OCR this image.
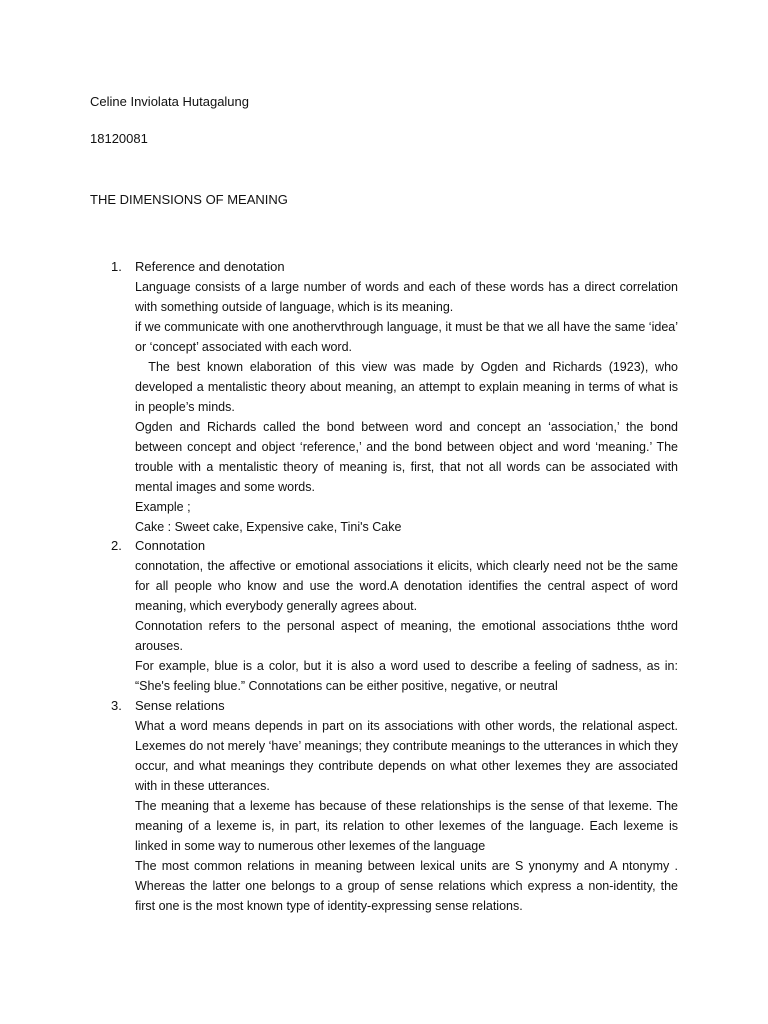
Celine Inviolata Hutagalung
18120081
THE DIMENSIONS OF MEANING
1.	Reference and denotation

Language consists of a large number of words and each of these words has a direct correlation with something outside of language, which is its meaning.

if we communicate with one anothervthrough language, it must be that we all have the same ‘idea’ or ‘concept’ associated with each word.

The best known elaboration of this view was made by Ogden and Richards (1923), who developed a mentalistic theory about meaning, an attempt to explain meaning in terms of what is in people’s minds.

Ogden and Richards called the bond between word and concept an ‘association,’ the bond between concept and object ‘reference,’ and the bond between object and word ‘meaning.’ The trouble with a mentalistic theory of meaning is, first, that not all words can be associated with mental images and some words.

Example ;

Cake : Sweet cake, Expensive cake, Tini's Cake

2.	Connotation

connotation, the affective or emotional associations it elicits, which clearly need not be the same for all people who know and use the word.A denotation identifies the central aspect of word meaning, which everybody generally agrees about.

Connotation refers to the personal aspect of meaning, the emotional associations ththe word arouses.

For example, blue is a color, but it is also a word used to describe a feeling of sadness, as in: “She's feeling blue.” Connotations can be either positive, negative, or neutral

3.	Sense relations

What a word means depends in part on its associations with other words, the relational aspect. Lexemes do not merely ‘have’ meanings; they contribute meanings to the utterances in which they occur, and what meanings they contribute depends on what other lexemes they are associated with in these utterances.

The meaning that a lexeme has because of these relationships is the sense of that lexeme. The meaning of a lexeme is, in part, its relation to other lexemes of the language. Each lexeme is linked in some way to numerous other lexemes of the language

The most common relations in meaning between lexical units are S ynonymy and A ntonymy . Whereas the latter one belongs to a group of sense relations which express a non-identity, the first one is the most known type of identity-expressing sense relations.
